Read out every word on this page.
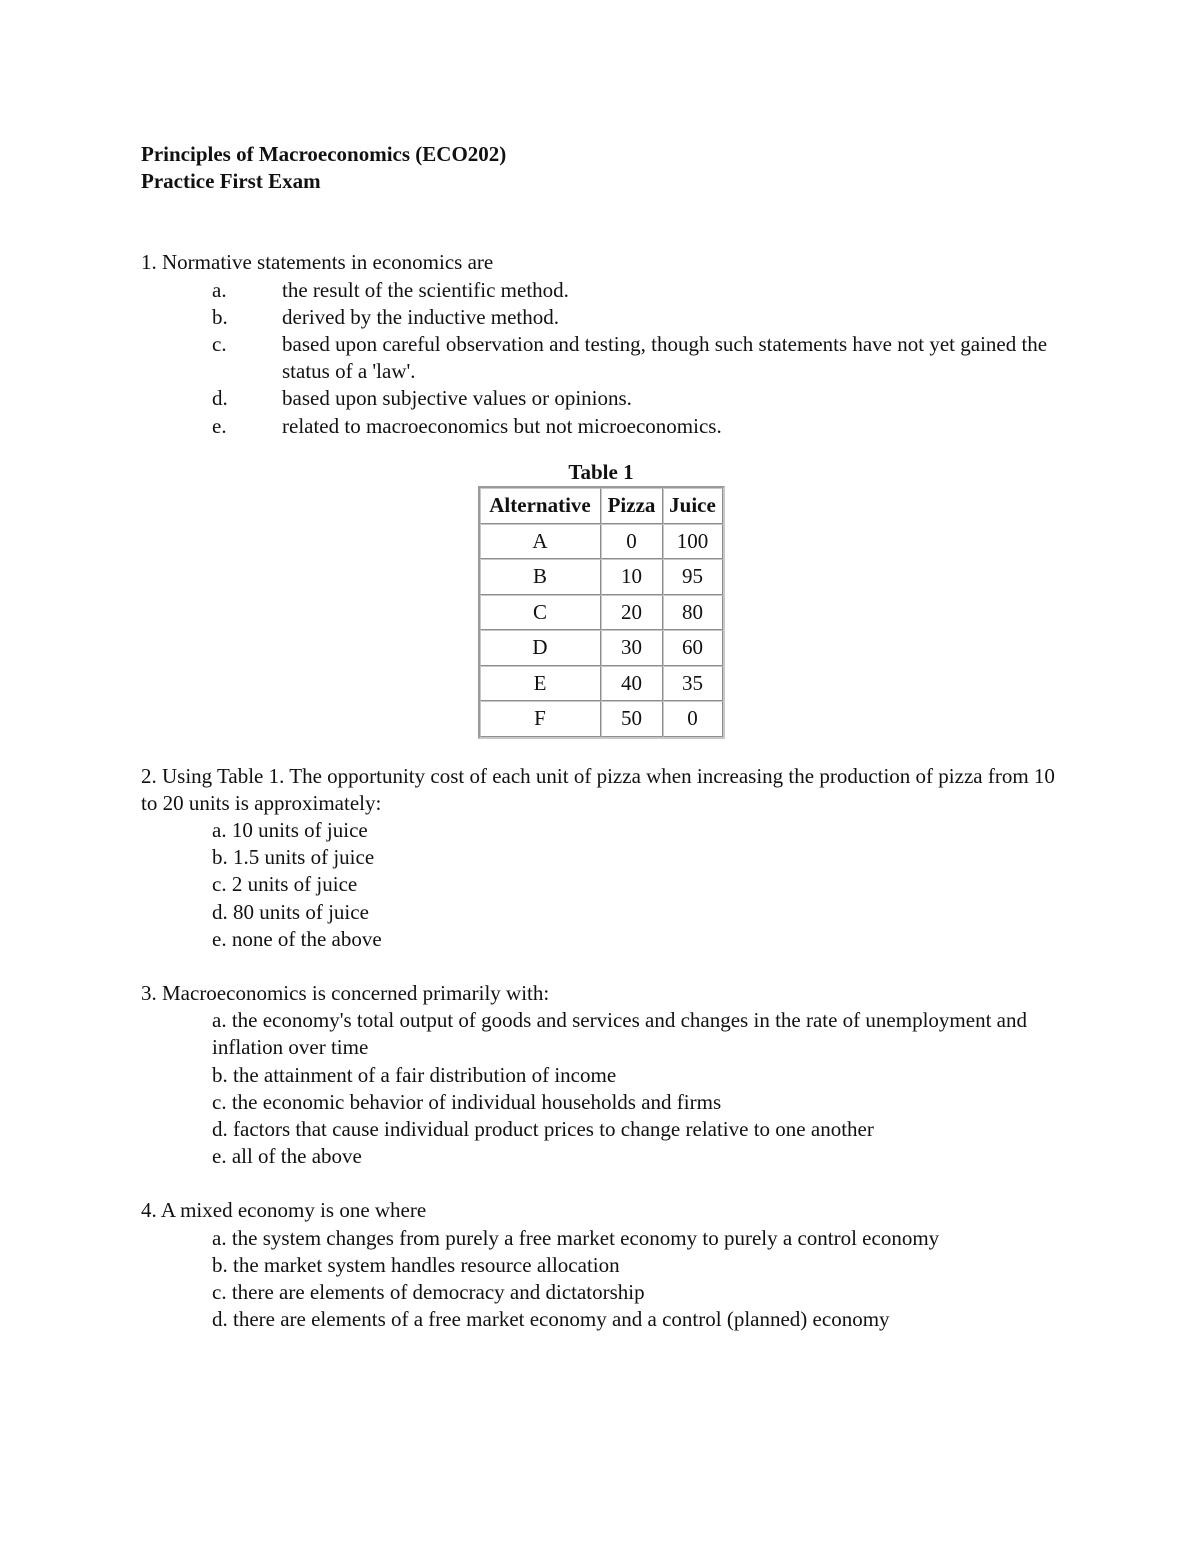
Principles of Macroeconomics (ECO202)
Practice First Exam
1. Normative statements in economics are
a.	the result of the scientific method.
b.	derived by the inductive method.
c.	based upon careful observation and testing, though such statements have not yet gained the status of a 'law'.
d.	based upon subjective values or opinions.
e.	related to macroeconomics but not microeconomics.
Table 1
Alternative	Pizza	Juice
A	0	100
B	10	95
C	20	80
D	30	60
E	40	35
F	50	0
2. Using Table 1. The opportunity cost of each unit of pizza when increasing the production of pizza from 10 to 20 units is approximately:
a. 10 units of juice
b. 1.5 units of juice
c. 2 units of juice
d. 80 units of juice
e. none of the above
3. Macroeconomics is concerned primarily with:
a. the economy's total output of goods and services and changes in the rate of unemployment and inflation over time
b. the attainment of a fair distribution of income
c. the economic behavior of individual households and firms
d. factors that cause individual product prices to change relative to one another
e. all of the above
4. A mixed economy is one where
a. the system changes from purely a free market economy to purely a control economy
b. the market system handles resource allocation
c. there are elements of democracy and dictatorship
d. there are elements of a free market economy and a control (planned) economy
